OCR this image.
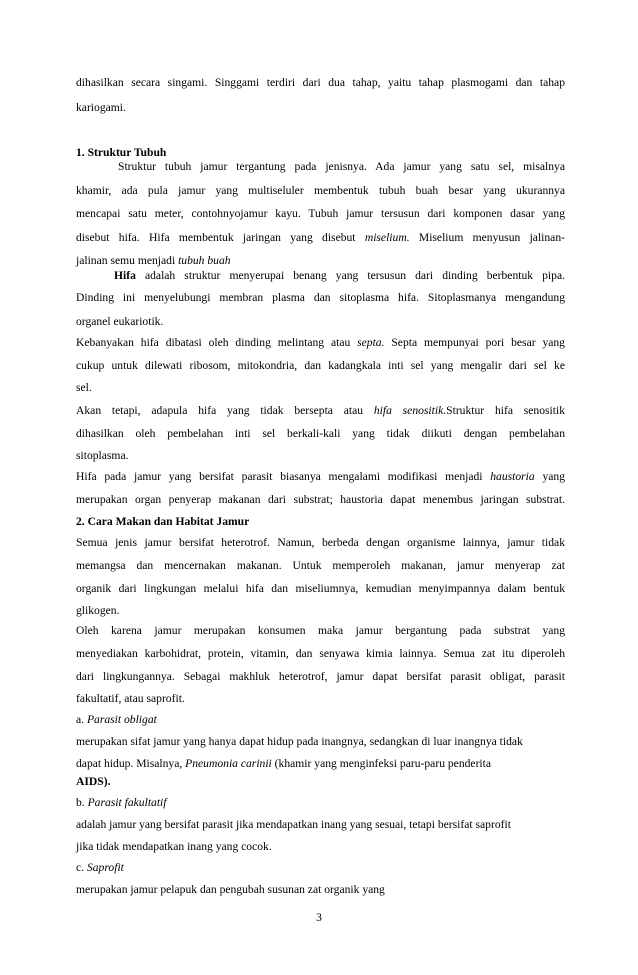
dihasilkan secara singami. Singgami terdiri dari dua tahap, yaitu tahap plasmogami dan tahap
kariogami.
1. Struktur Tubuh
Struktur tubuh jamur tergantung pada jenisnya. Ada jamur yang satu sel, misalnya
khamir, ada pula jamur yang multiseluler membentuk tubuh buah besar yang ukurannya
mencapai satu meter, contohnyojamur kayu. Tubuh jamur tersusun dari komponen dasar yang
disebut hifa. Hifa membentuk jaringan yang disebut miselium. Miselium menyusun jalinan-
jalinan semu menjadi tubuh buah
Hifa adalah struktur menyerupai benang yang tersusun dari dinding berbentuk pipa.
Dinding ini menyelubungi membran plasma dan sitoplasma hifa. Sitoplasmanya mengandung
organel eukariotik.
Kebanyakan hifa dibatasi oleh dinding melintang atau septa. Septa mempunyai pori besar yang
cukup untuk dilewati ribosom, mitokondria, dan kadangkala inti sel yang mengalir dari sel ke
sel.
Akan tetapi, adapula hifa yang tidak bersepta atau hifa senositik.Struktur hifa senositik
dihasilkan oleh pembelahan inti sel berkali-kali yang tidak diikuti dengan pembelahan
sitoplasma.
Hifa pada jamur yang bersifat parasit biasanya mengalami modifikasi menjadi haustoria yang
merupakan organ penyerap makanan dari substrat; haustoria dapat menembus jaringan substrat.
2. Cara Makan dan Habitat Jamur
Semua jenis jamur bersifat heterotrof. Namun, berbeda dengan organisme lainnya, jamur tidak
memangsa dan mencernakan makanan. Untuk memperoleh makanan, jamur menyerap zat
organik dari lingkungan melalui hifa dan miseliumnya, kemudian menyimpannya dalam bentuk
glikogen.
Oleh karena jamur merupakan konsumen maka jamur bergantung pada substrat yang
menyediakan karbohidrat, protein, vitamin, dan senyawa kimia lainnya. Semua zat itu diperoleh
dari lingkungannya. Sebagai makhluk heterotrof, jamur dapat bersifat parasit obligat, parasit
fakultatif, atau saprofit.
a. Parasit obligat
merupakan sifat jamur yang hanya dapat hidup pada inangnya, sedangkan di luar inangnya tidak
dapat hidup. Misalnya, Pneumonia carinii (khamir yang menginfeksi paru-paru penderita
AIDS).
b. Parasit fakultatif
adalah jamur yang bersifat parasit jika mendapatkan inang yang sesuai, tetapi bersifat saprofit
jika tidak mendapatkan inang yang cocok.
c. Saprofit
merupakan jamur pelapuk dan pengubah susunan zat organik yang
3
